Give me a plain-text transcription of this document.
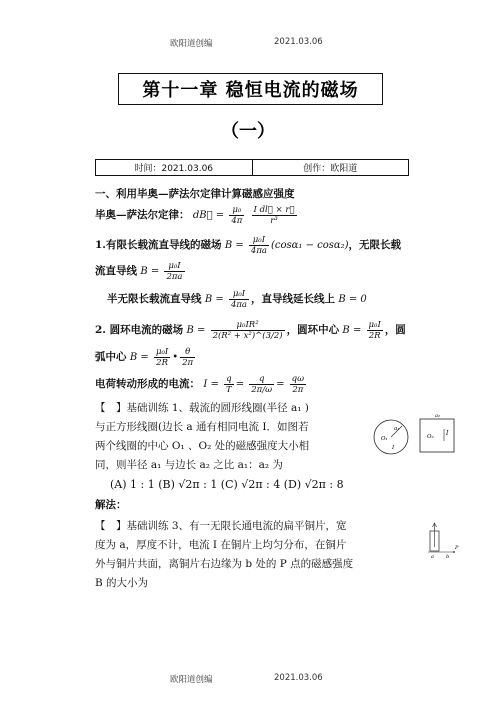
欧阳道创编	2021.03.06
第十一章 稳恒电流的磁场
（一）
时间：2021.03.06	创作：欧阳道
一、利用毕奥—萨法尔定律计算磁感应强度
毕奥—萨法尔定律： dB⃗ = $\frac{\text{μ₀}}{4\pi}$
$\frac{\text{I dl⃗ × r⃗}}{\text{r³}}$
1.有限长载流直导线的磁场 $B = \frac{\text{μ₀I}}{4\pi a} (\cos\alpha_1 - \cos\alpha_2)$，无限长载
流直导线 $B = \frac{\text{μ₀I}}{2\pi a}$
半无限长载流直导线 $B = \frac{\text{μ₀I}}{4\pi a}$ ，直导线延长线上 B = 0
2. 圆环电流的磁场 $B = \frac{\text{μ₀IR²}}{\text{2(R² + x²)\textasciicircum{}(3/2)}}$ ，圆环中心 $B = \frac{\text{μ₀I}}{2R}$ ，圆
弧中心 $B = \frac{\text{μ₀I}}{2R}$ • $\frac{\theta}{2\pi}$
电荷转动形成的电流： $I = \frac{q}{T} = \frac{q}{2\pi/\omega} = \frac{q\omega}{2\pi}$
【　】基础训练 1、载流的圆形线圈(半径 a₁ )
与正方形线圈(边长 a 通有相同电流 I．如图若
两个线圈的中心 O₁ 、O₂ 处的磁感强度大小相
同，则半径 a₁ 与边长 a₂ 之比 a₁：a₂ 为
a₁
O₁
I
a₂
O₂ I
(A) 1 : 1 (B) √2π : 1 (C) √2π : 4 (D) √2π : 8
解法：
【　】基础训练 3、有一无限长通电流的扁平铜片，宽
度为 a，厚度不计，电流 I 在铜片上均匀分布，在铜片
外与铜片共面，离铜片右边缘为 b 处的 P 点的磁感强度
B 的大小为
a b
P
欧阳道创编	2021.03.06
